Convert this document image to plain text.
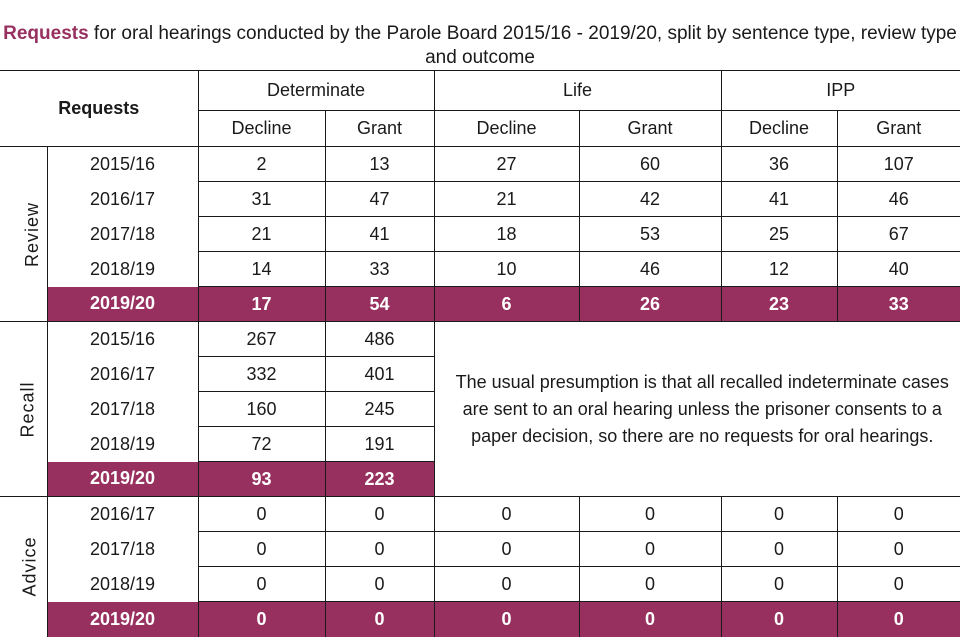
Requests for oral hearings conducted by the Parole Board 2015/16 - 2019/20, split by sentence type, review type and outcome
Requests		Determinate		Life		IPP	
		Decline	Grant	Decline	Grant	Decline	Grant
Review	2015/16	2	13	27	60	36	107
	2016/17	31	47	21	42	41	46
	2017/18	21	41	18	53	25	67
	2018/19	14	33	10	46	12	40
	2019/20	17	54	6	26	23	33
Recall	2015/16	267	486	The usual presumption is that all recalled indeterminate cases are sent to an oral hearing unless the prisoner consents to a paper decision, so there are no requests for oral hearings.			
	2016/17	332	401				
	2017/18	160	245				
	2018/19	72	191				
	2019/20	93	223				
Advice	2016/17	0	0	0	0	0	0
	2017/18	0	0	0	0	0	0
	2018/19	0	0	0	0	0	0
	2019/20	0	0	0	0	0	0
